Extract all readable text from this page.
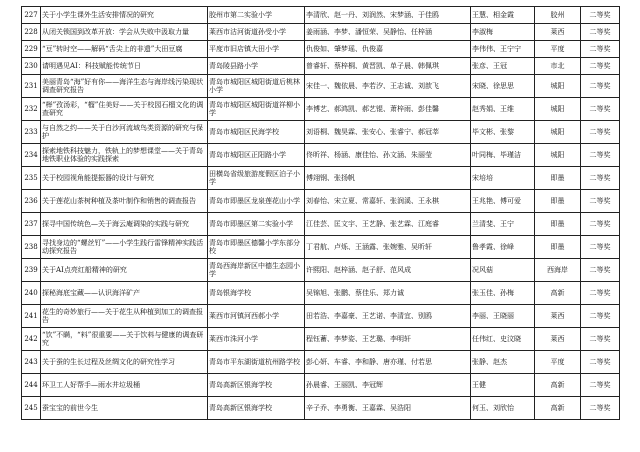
227	关于小学生课外生活安排情况的研究	胶州市第二实验小学	李清欣、赵一丹、刘润然、宋梦涵、于佳鸥	王慧、相金霞	胶州	二等奖
228	从闭关锁国到改革开放：学会从失败中汲取力量	莱西市沽河街道孙受小学	姜雨涵、李梦、潘恒荣、吴静怡、任梓涵	李淑梅	莱西	二等奖
229	“豆”转时空——解码“舌尖上的非遗”大田豆腐	平度市旧店镇大田小学	仇俊如、肇梦瑶、仇俊嘉	李伟伟、王宁宁	平度	二等奖
230	请明遇见AI：科技赋能传统节日	青岛陵县路小学	曾睿轩、蔡梓桐、黄晋凯、单子晨、韩佩琪	张彦、王冠	市北	二等奖
231	美丽青岛“海”好有你——海洋生态与海岸线污染现状调查研究报告	青岛市城阳区城阳街道后桃林小学	宋佳一、魏依晨、李若汐、王志诚、刘歆飞	宋晓、徐思思	城阳	二等奖
232	“榉”孜汤彩，“榴”住美好——关于校园石榴文化的调查研究	青岛市城阳区城阳街道祥柳小学	李博艺、郝鸿凯、郝艺锟、萧梓雨、彭佳馨	赵秀娟、王维	城阳	二等奖
233	与自然之约——关于白沙河流域鸟类资源的研究与保护	青岛市城阳区民海学校	刘语桐、魏昊霖、张安心、张睿宁、郝冠莘	毕文彬、张黎	城阳	二等奖
234	探索地铁科技魅力，铁轨上的梦想课堂——关于青岛地铁职业体验的实践探索	青岛市城阳区正阳路小学	佟昕祥、杨涵、康佳怡、孙文涵、朱丽莹	叶同梅、毕瑾洁	城阳	二等奖
235	关于校园视角能提振器的设计与研究	田横岛省级旅游度假区泊子小学	傅翊钢、张扬帆	宋培培	即墨	二等奖
236	关于莲花山茶树种植及茶叶制作和销售的调查报告	青岛市即墨区龙泉莲花山小学	刘春怡、宋立夏、常嘉轩、张润溪、王永棋	王兆艳、傅可爱	即墨	二等奖
237	探寻中国传统色—关于海云庵调染的实践与研究	青岛市即墨区第二实验小学	江佳芸、匡文宇、王艺静、张艺霖、江庭睿	兰清斐、王宁	即墨	二等奖
238	寻找身边的“螺丝钉”——小学生践行雷锋精神实践活动探究报告	青岛市即墨区德馨小学东部分校	丁君航、卢烁、王涵露、张婉雅、吴昕轩	鲁孝霞、徐峰	即墨	二等奖
239	关于AI点亮红船精神的研究	青岛西海岸新区中德生态园小学	许熙阳、赵梓涵、赵子舒、范风成	况风菇	西海岸	二等奖
240	探秘海底宝藏——认识海洋矿产	青岛银海学校	吴锦旭、张鹏、蔡佳乐、郑力诚	张玉佳、孙梅	高新	二等奖
241	花生的奇妙旅行——关于花生从种植到加工的调查报告	莱西市河镇河西郝小学	田若浩、李嘉豪、王艺诺、李清宜、别鸥	李丽、王晓丽	莱西	二等奖
242	“饮”不瞒，“料”很重要——关于饮料与健康的调查研究	莱西市洙河小学	程钰蓄、李梦姿、王艺璐、李明轩	任伟红、史汶晓	莱西	二等奖
243	关于蚕的生长过程及丝绸文化的研究性学习	青岛市平东湖街道杭州路学校	彭心妍、车睿、李和静、唐亦瑾、付若思	张静、赵杰	平度	二等奖
244	环卫工人好帮手—雨水井垃圾桶	青岛高新区银海学校	孙晨睿、王丽凯、李冠辉	王健	高新	二等奖
245	蚕宝宝的前世今生	青岛高新区银海学校	辛子乔、李勇衡、王嘉霖、吴浩阳	何玉、刘欣怡	高新	二等奖
